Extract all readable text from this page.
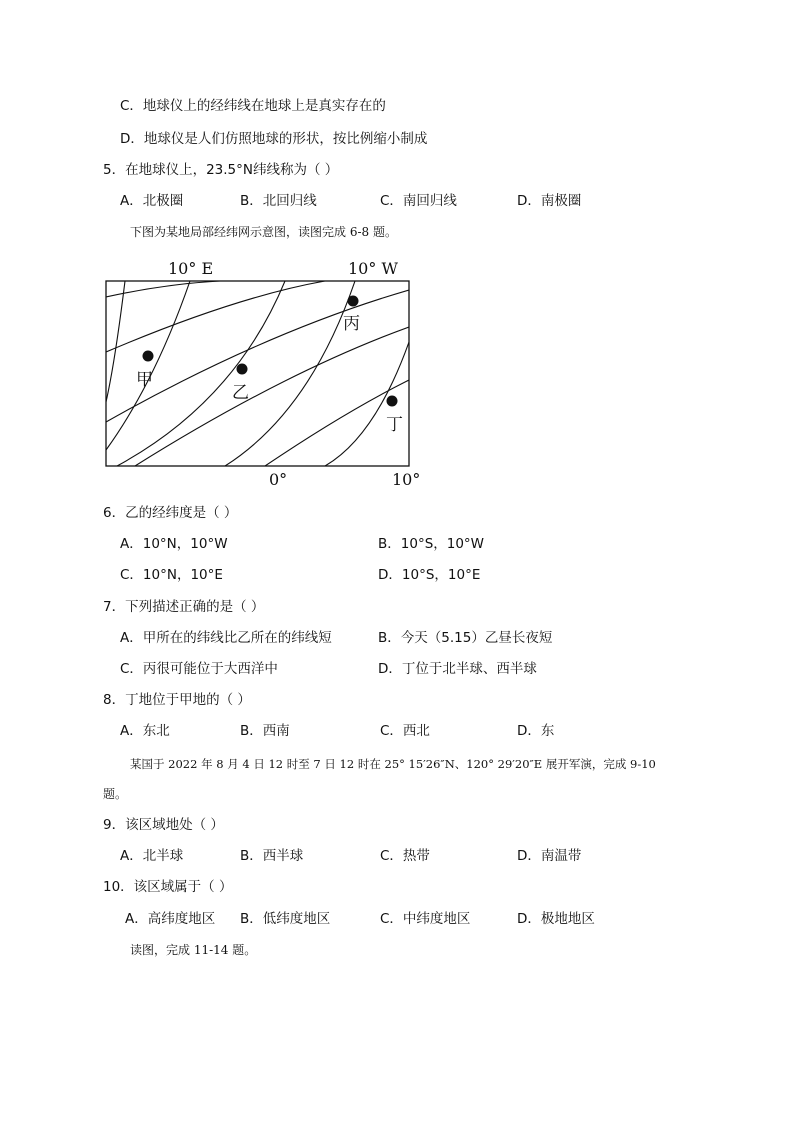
C．地球仪上的经纬线在地球上是真实存在的
D．地球仪是人们仿照地球的形状，按比例缩小制成
5．在地球仪上，23.5°N纬线称为（ ）
A．北极圈	B．北回归线	C．南回归线	D．南极圈
下图为某地局部经纬网示意图，读图完成 6-8 题。
甲
乙
丙
丁
10° E	10° W
0°	10°
6．乙的经纬度是（ ）
A．10°N，10°W	B．10°S，10°W
C．10°N，10°E	D．10°S，10°E
7．下列描述正确的是（ ）
A．甲所在的纬线比乙所在的纬线短	B．今天（5.15）乙昼长夜短
C．丙很可能位于大西洋中	D．丁位于北半球、西半球
8．丁地位于甲地的（ ）
A．东北	B．西南	C．西北	D．东
某国于 2022 年 8 月 4 日 12 时至 7 日 12 时在 25° 15′26″N、120° 29′20″E 展开军演，完成 9-10
题。
9．该区域地处（ ）
A．北半球	B．西半球	C．热带	D．南温带
10．该区域属于（ ）
A．高纬度地区 B．低纬度地区	C．中纬度地区	D．极地地区
读图，完成 11-14 题。
